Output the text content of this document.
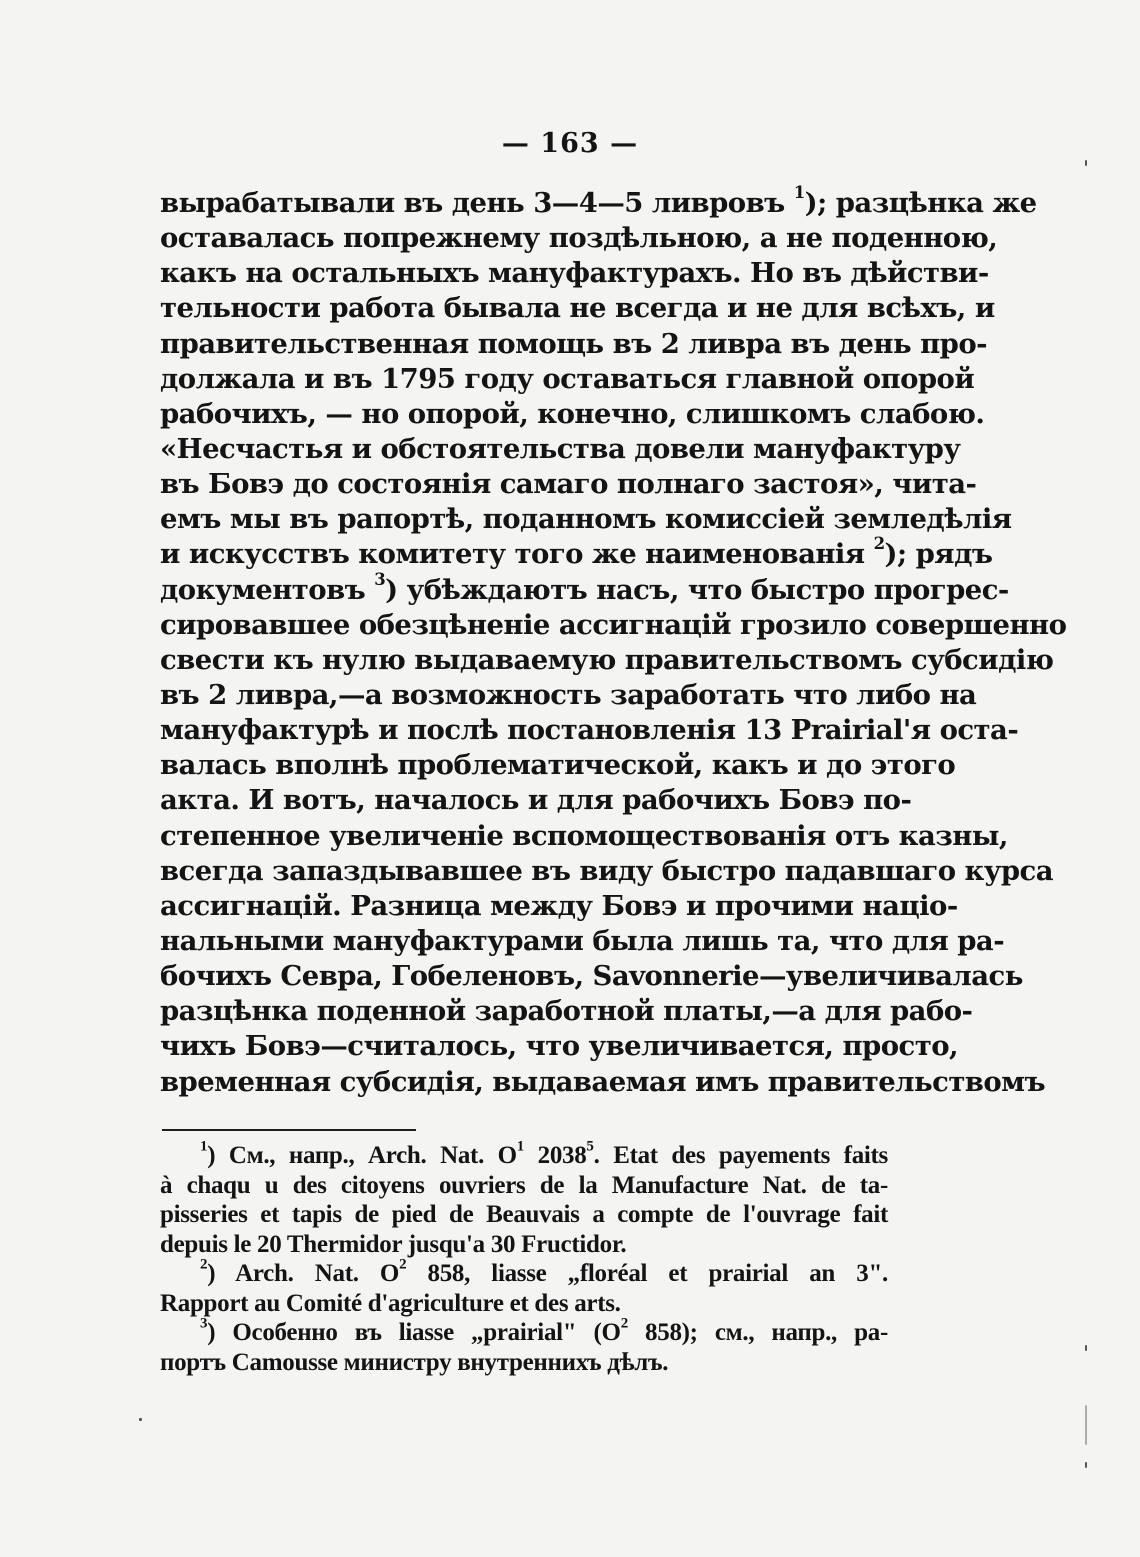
— 163 —
вырабатывали въ день 3—4—5 ливровъ $^1$); разцѣнка же
оставалась попрежнему поздѣльною, а не поденною,
какъ на остальныхъ мануфактурахъ. Но въ дѣйстви-
тельности работа бывала не всегда и не для всѣхъ, и
правительственная помощь въ 2 ливра въ день про-
должала и въ 1795 году оставаться главной опорой
рабочихъ, — но опорой, конечно, слишкомъ слабою.
«Несчастья и обстоятельства довели мануфактуру
въ Бовэ до состоянія самаго полнаго застоя», чита-
емъ мы въ рапортѣ, поданномъ комиссіей земледѣлія
и искусствъ комитету того же наименованія $^2$); рядъ
документовъ $^3$) убѣждаютъ насъ, что быстро прогрес-
сировавшее обезцѣненіе ассигнацій грозило совершенно
свести къ нулю выдаваемую правительствомъ субсидію
въ 2 ливра,—а возможность заработать что либо на
мануфактурѣ и послѣ постановленія 13 Prairial'я оста-
валась вполнѣ проблематической, какъ и до этого
акта. И вотъ, началось и для рабочихъ Бовэ по-
степенное увеличеніе вспомоществованія отъ казны,
всегда запаздывавшее въ виду быстро падавшаго курса
ассигнацій. Разница между Бовэ и прочими націо-
нальными мануфактурами была лишь та, что для ра-
бочихъ Севра, Гобеленовъ, Savonnerie—увеличивалась
разцѣнка поденной заработной платы,—а для рабо-
чихъ Бовэ—считалось, что увеличивается, просто,
временная субсидія, выдаваемая имъ правительствомъ
$^1$) См., напр., Arch. Nat. $O^1$ 2038$^5$. Etat des payements faits
à chaqu u des citoyens ouvriers de la Manufacture Nat. de ta-
pisseries et tapis de pied de Beauvais a compte de l'ouvrage fait
depuis le 20 Thermidor jusqu'a 30 Fructidor.
$^2$) Arch. Nat. $O^2$ 858, liasse „floréal et prairial an 3".
Rapport au Comité d'agriculture et des arts.
$^3$) Особенно въ liasse „prairial" ($O^2$ 858); см., напр., ра-
портъ Camousse министру внутреннихъ дѣлъ.
